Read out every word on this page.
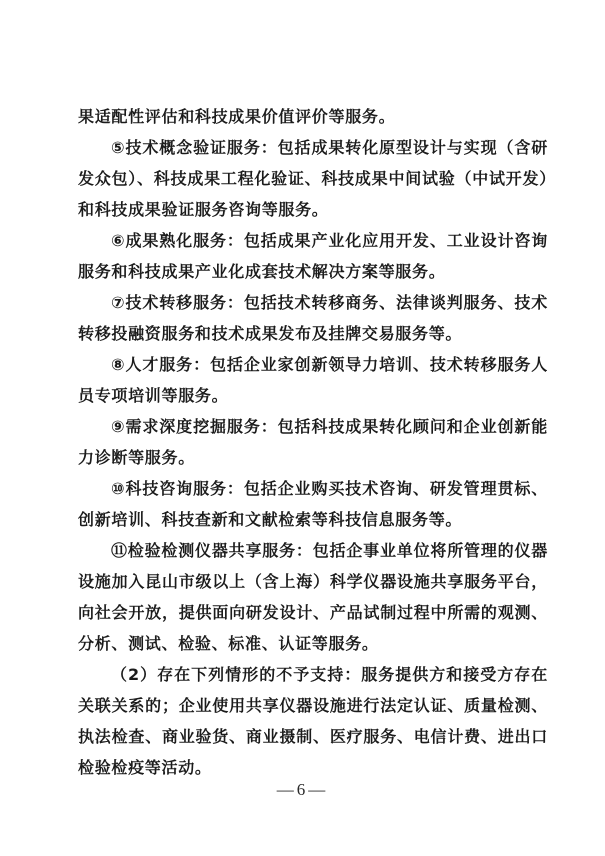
果适配性评估和科技成果价值评价等服务。

⑤技术概念验证服务：包括成果转化原型设计与实现（含研发众包）、科技成果工程化验证、科技成果中间试验（中试开发）和科技成果验证服务咨询等服务。

⑥成果熟化服务：包括成果产业化应用开发、工业设计咨询服务和科技成果产业化成套技术解决方案等服务。

⑦技术转移服务：包括技术转移商务、法律谈判服务、技术转移投融资服务和技术成果发布及挂牌交易服务等。

⑧人才服务：包括企业家创新领导力培训、技术转移服务人员专项培训等服务。

⑨需求深度挖掘服务：包括科技成果转化顾问和企业创新能力诊断等服务。

⑩科技咨询服务：包括企业购买技术咨询、研发管理贯标、创新培训、科技查新和文献检索等科技信息服务等。

⑪检验检测仪器共享服务：包括企事业单位将所管理的仪器设施加入昆山市级以上（含上海）科学仪器设施共享服务平台，向社会开放，提供面向研发设计、产品试制过程中所需的观测、分析、测试、检验、标准、认证等服务。

（2）存在下列情形的不予支持：服务提供方和接受方存在关联关系的；企业使用共享仪器设施进行法定认证、质量检测、执法检查、商业验货、商业摄制、医疗服务、电信计费、进出口检验检疫等活动。

—6—
